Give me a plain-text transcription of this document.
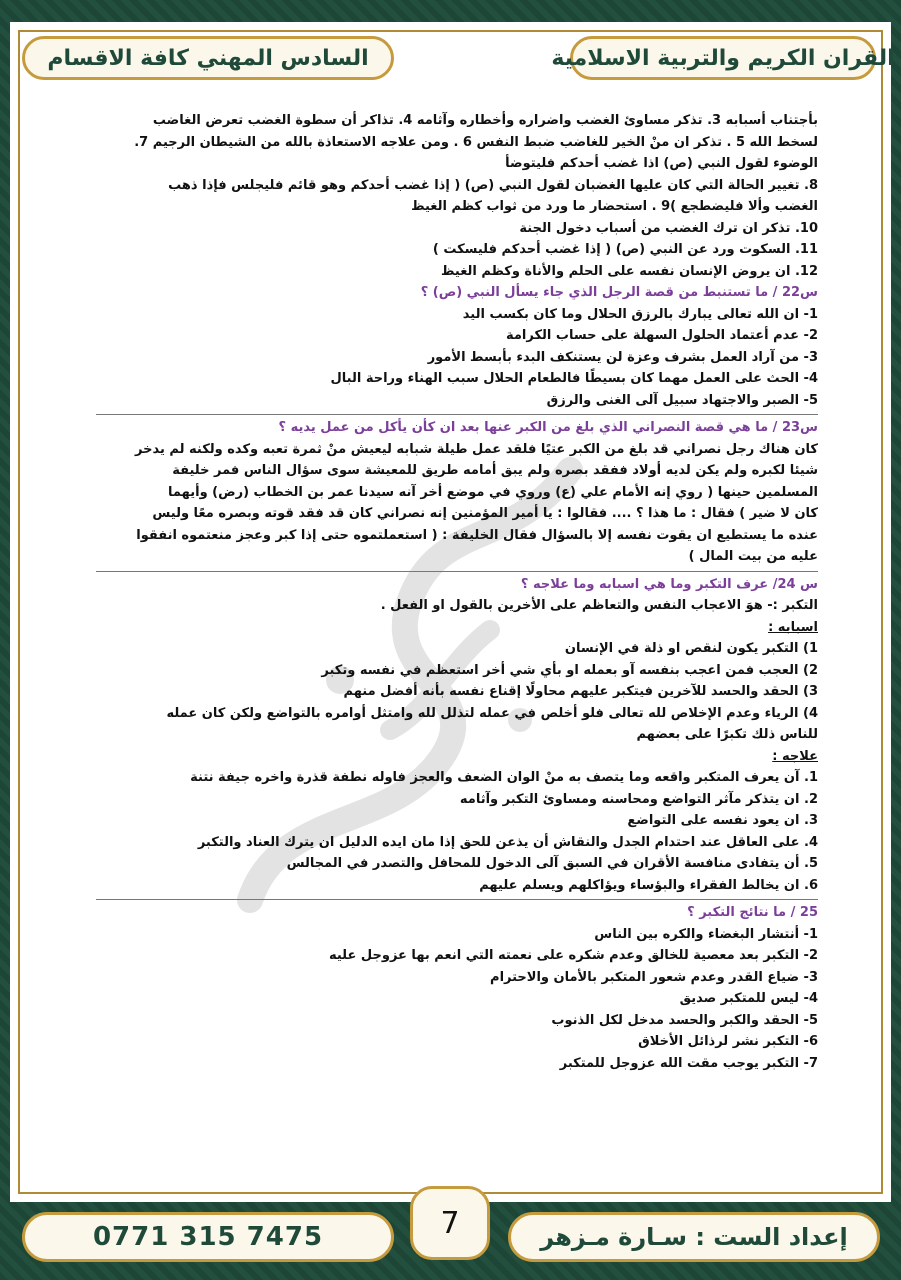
السادس المهني كافة الاقسام	القران الكريم والتربية الاسلامية

بأجتناب أسبابه 3. تذكر مساوئ الغضب واضراره وأخطاره وآثامه 4. تذاكر أن سطوة الغضب تعرض الغاضب

لسخط الله 5 . تذكر ان منْ الخير للغاضب ضبط النفس 6 . ومن علاجه الاستعاذة بالله من الشيطان الرجيم 7.

الوضوء لقول النبي (ص) اذا غضب أحدكم فليتوضأ

8. تغيير الحالة التي كان عليها الغضبان لقول النبي (ص) ( إذا غضب أحدكم وهو قائم فليجلس فإذا ذهب

الغضب وألا فليضطجع )9 . استحضار ما ورد من ثواب كظم الغيظ

10. تذكر ان ترك الغضب من أسباب دخول الجنة

11. السكوت ورد عن النبي (ص) ( إذا غضب أحدكم فليسكت )

12. ان يروض الإنسان نفسه على الحلم والأناة وكظم الغيظ

س22 / ما تستنبط من قصة الرجل الذي جاء يسأل النبي (ص) ؟

1- ان الله تعالى يبارك بالرزق الحلال وما كان بكسب اليد

2- عدم أعتماد الحلول السهلة على حساب الكرامة

3- من آراد العمل بشرف وعزة لن يستنكف البدء بأبسط الأمور

4- الحث على العمل مهما كان بسيطًا فالطعام الحلال سبب الهناء وراحة البال

5- الصبر والاجتهاد سبيل آلى الغنى والرزق

س23 / ما هي قصة النصراني الذي بلغ من الكبر عنها بعد ان كأن يأكل من عمل يديه ؟

كان هناك رجل نصراني قد بلغ من الكبر عتيًا فلقد عمل طيلة شبابه ليعيش منْ ثمرة تعبه وكده ولكنه لم يدخر

شيئا لكبره ولم يكن لديه أولاد ففقد بصره ولم يبق أمامه طريق للمعيشة سوى سؤال الناس فمر خليفة

المسلمين حينها ( روي إنه الأمام علي (ع) وروي في موضع أخر آنه سيدنا عمر بن الخطاب (رض) وأيهما

كان لا ضير ) فقال : ما هذا ؟ .... فقالوا : يا أمير المؤمنين إنه نصراني كان قد فقد قوته وبصره معًا وليس

عنده ما يستطيع ان يقوت نفسه إلا بالسؤال فقال الخليفة : ( استعملتموه حتى إذا كبر وعجز منعتموه انفقوا

عليه من بيت المال )

س 24/ عرف التكبر وما هي اسبابه وما علاجه ؟

التكبر :- هوَ الاعجاب النفس والتعاظم على الأخرين بالقول او الفعل .

اسبابه :

1) التكبر يكون لنقص او ذلة في الإنسان

2) العجب فمن اعجب بنفسه آو بعمله او بأي شي أخر استعظم في نفسه وتكبر

3) الحقد والحسد للآخرين فيتكبر عليهم محاولًا إقناع نفسه بأنه أفضل منهم

4) الرياء وعدم الإخلاص لله تعالى فلو أخلص في عمله لتذلل لله وامتثل أوامره بالتواضع ولكن كان عمله

للناس ذلك تكبرًا على بعضهم

علاجه :

1. آن يعرف المتكبر واقعه وما يتصف به منْ الوان الضعف والعجز فاوله نطفة قذرة واخره جيفة نتنة

2. ان يتذكر مآثر التواضع ومحاسنه ومساوئ التكبر وآثامه

3. ان يعود نفسه على التواضع

4. على العاقل عند احتدام الجدل والنقاش أن يذعن للحق إذا مان ايده الدليل ان يترك العناد والتكبر

5. أن يتفادى منافسة الأقران في السبق آلى الدخول للمحافل والتصدر في المجالس

6. ان يخالط الفقراء والبؤساء ويؤاكلهم ويسلم عليهم

25 / ما نتائج التكبر ؟

1- أنتشار البغضاء والكره بين الناس

2- التكبر بعد معصية للخالق وعدم شكره على نعمته التي انعم بها عزوجل عليه

3- ضياع القدر وعدم شعور المتكبر بالأمان والاحترام

4- ليس للمتكبر صديق

5- الحقد والكبر والحسد مدخل لكل الذنوب

6- التكبر نشر لرذائل الأخلاق

7- التكبر يوجب مقت الله عزوجل للمتكبر

0771 315 7475	7	إعداد الست : سـارة مـزهر
